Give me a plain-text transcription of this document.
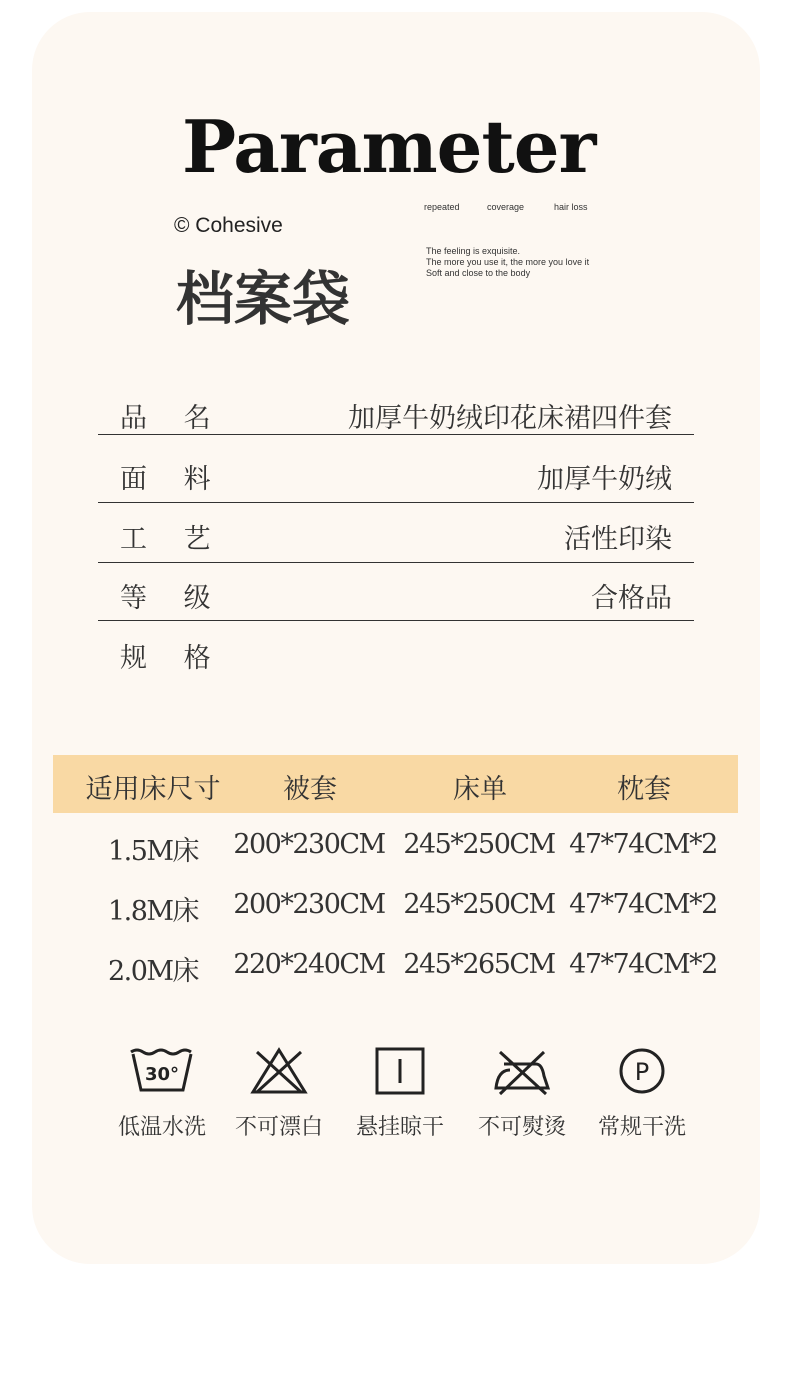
Parameter
© Cohesive
档案袋
repeated	coverage	hair loss
The feeling is exquisite.
The more you use it, the more you love it
Soft and close to the body
品 名	加厚牛奶绒印花床裙四件套
面 料	加厚牛奶绒
工 艺	活性印染
等 级	合格品
规 格
适用床尺寸	被套	床单	枕套
1.5M床	200*230CM 245*250CM 47*74CM*2
1.8M床	200*230CM 245*250CM 47*74CM*2
2.0M床	220*240CM 245*265CM 47*74CM*2
30°
低温水洗	不可漂白	悬挂晾干	不可熨烫
P
常规干洗
